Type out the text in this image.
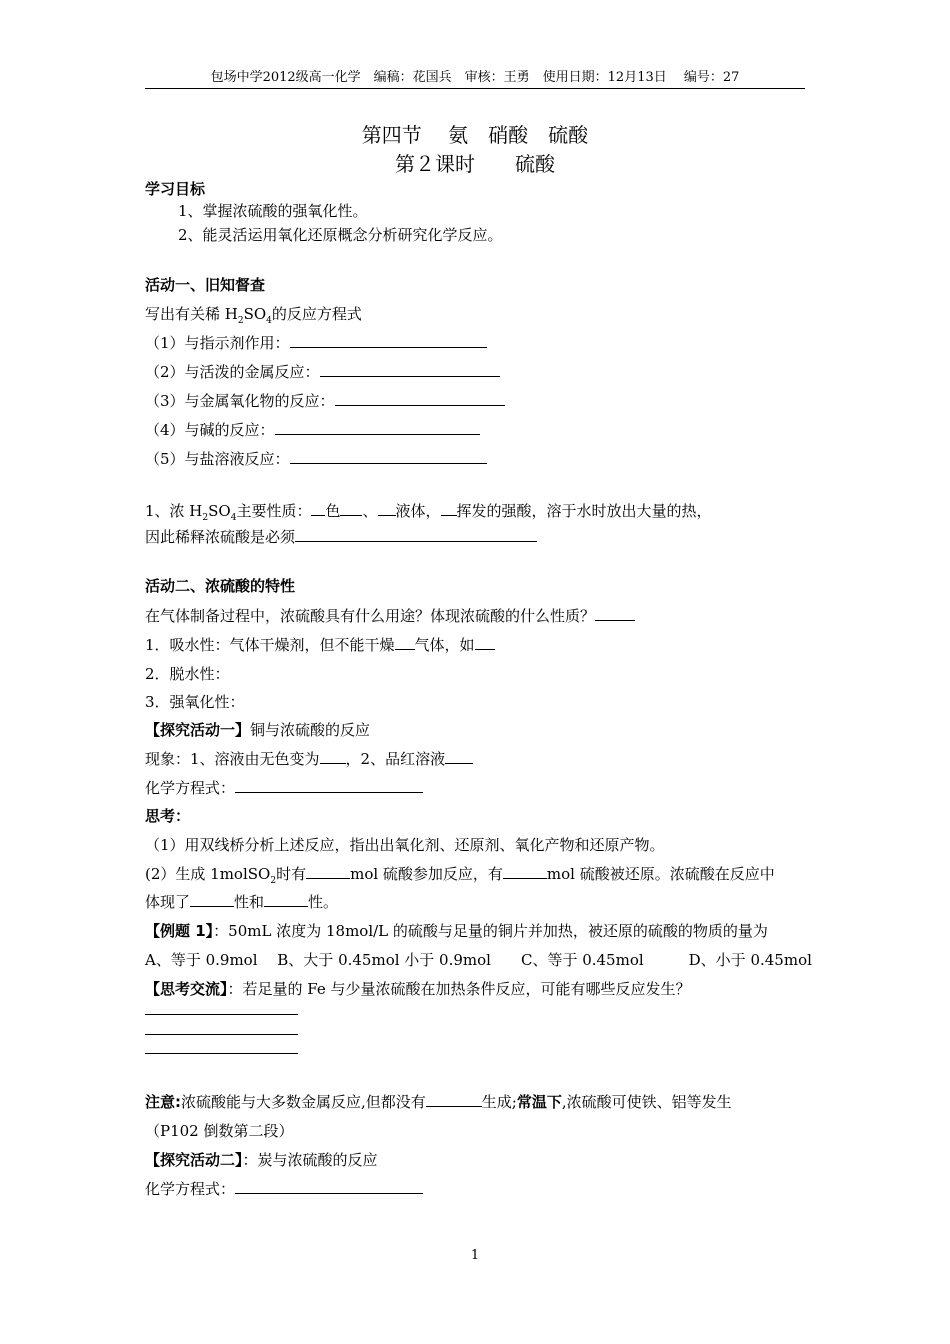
包场中学2012级高一化学　编稿：花国兵　审核：王勇　使用日期：12月13日　 编号：27
第四节　 氨　硝酸　硫酸
第２课时　　硫酸
学习目标
1、掌握浓硫酸的强氧化性。
2、能灵活运用氧化还原概念分析研究化学反应。
活动一、旧知督查
写出有关稀 $H_2SO_4$的反应方程式
（1）与指示剂作用：
（2）与活泼的金属反应：
（3）与金属氧化物的反应：
（4）与碱的反应：
（5）与盐溶液反应：
1、浓 $H_2SO_4$主要性质： 色 、 液体， 挥发的强酸，溶于水时放出大量的热，
因此稀释浓硫酸是必须
活动二、浓硫酸的特性
在气体制备过程中，浓硫酸具有什么用途？体现浓硫酸的什么性质？
1．吸水性：气体干燥剂，但不能干燥 气体，如
2．脱水性：
3．强氧化性：
【探究活动一】铜与浓硫酸的反应
现象：1、溶液由无色变为 ，2、品红溶液
化学方程式：
思考：
（1）用双线桥分析上述反应，指出出氧化剂、还原剂、氧化产物和还原产物。
(2）生成 1molSO$_2$时有	mol 硫酸参加反应，有	mol 硫酸被还原。浓硫酸在反应中
体现了	性和	性。
【例题 1】：50mL 浓度为 18mol/L 的硫酸与足量的铜片并加热，被还原的硫酸的物质的量为
A、等于 0.9mol　 B、大于 0.45mol 小于 0.9mol　　C、等于 0.45mol　　　D、小于 0.45mol
【思考交流】：若足量的 Fe 与少量浓硫酸在加热条件反应，可能有哪些反应发生？
注意:浓硫酸能与大多数金属反应,但都没有	生成;常温下,浓硫酸可使铁、铝等发生
（P102 倒数第二段）
【探究活动二】：炭与浓硫酸的反应
化学方程式：
1
